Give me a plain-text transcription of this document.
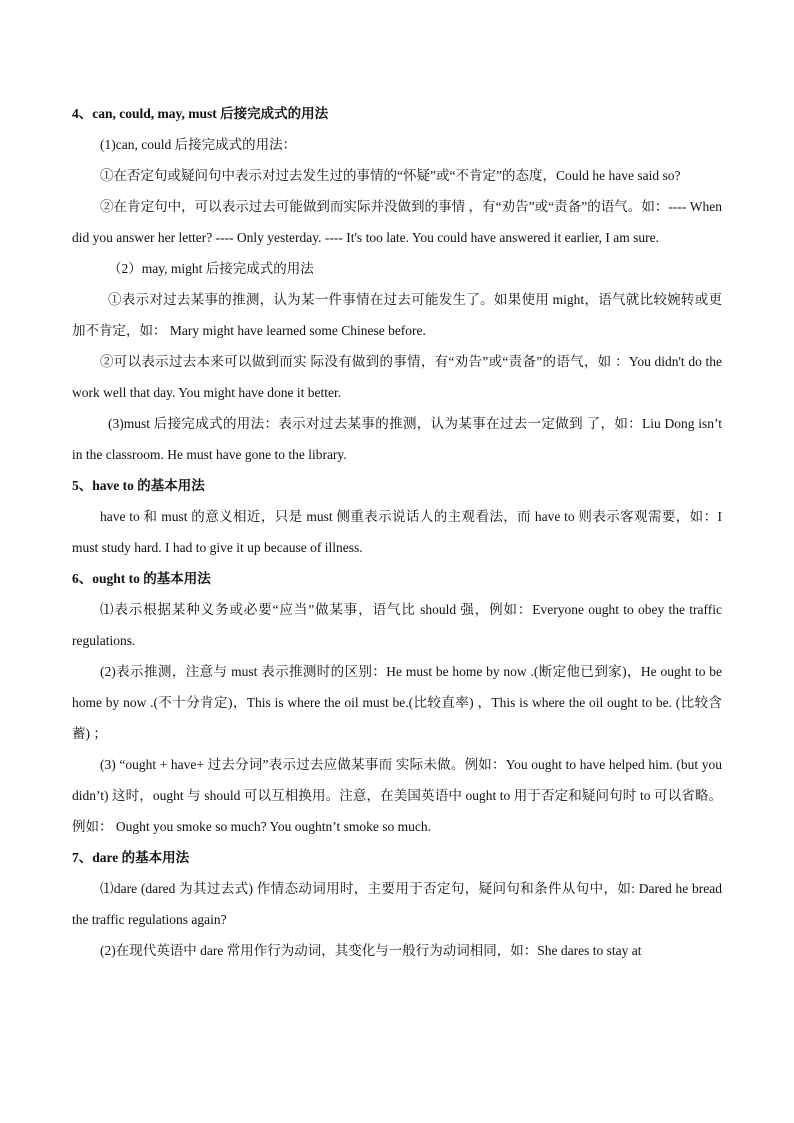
4、can, could, may, must 后接完成式的用法

(1)can, could 后接完成式的用法：

①在否定句或疑问句中表示对过去发生过的事情的“怀疑”或“不肯定”的态度，Could he have said so?

②在肯定句中，可以表示过去可能做到而实际并没做到的事情 ，有“劝告”或“责备”的语气。如：---- When did you answer her letter? ---- Only yesterday. ---- It's too late. You could have answered it earlier, I am sure.

（2）may, might 后接完成式的用法

①表示对过去某事的推测，认为某一件事情在过去可能发生了。如果使用 might，语气就比较婉转或更加不肯定，如： Mary might have learned some Chinese before.

②可以表示过去本来可以做到而实 际没有做到的事情，有“劝告”或“责备”的语气，如 ：You didn't do the work well that day. You might have done it better.

(3)must 后接完成式的用法：表示对过去某事的推测，认为某事在过去一定做到 了，如：Liu Dong isn’t in the classroom. He must have gone to the library.

5、have to 的基本用法

have to 和 must 的意义相近，只是 must 侧重表示说话人的主观看法，而 have to 则表示客观需要，如：I must study hard. I had to give it up because of illness.

6、ought to 的基本用法

⑴表示根据某种义务或必要“应当”做某事，语气比 should 强，例如：Everyone ought to obey the traffic regulations.

(2)表示推测，注意与 must 表示推测时的区别：He must be home by now .(断定他已到家)，He ought to be home by now .(不十分肯定)，This is where the oil must be.(比较直率) ，This is where the oil ought to be. (比较含蓄) ；

(3) “ought + have+ 过去分词”表示过去应做某事而 实际未做。例如：You ought to have helped him. (but you didn’t) 这时，ought 与 should 可以互相换用。注意，在美国英语中 ought to 用于否定和疑问句时 to 可以省略。例如： Ought you smoke so much? You oughtn’t smoke so much.

7、dare 的基本用法

⑴dare (dared 为其过去式) 作情态动词用时，主要用于否定句，疑问句和条件从句中，如: Dared he bread the traffic regulations again?

(2)在现代英语中 dare 常用作行为动词，其变化与一般行为动词相同，如：She dares to stay at
